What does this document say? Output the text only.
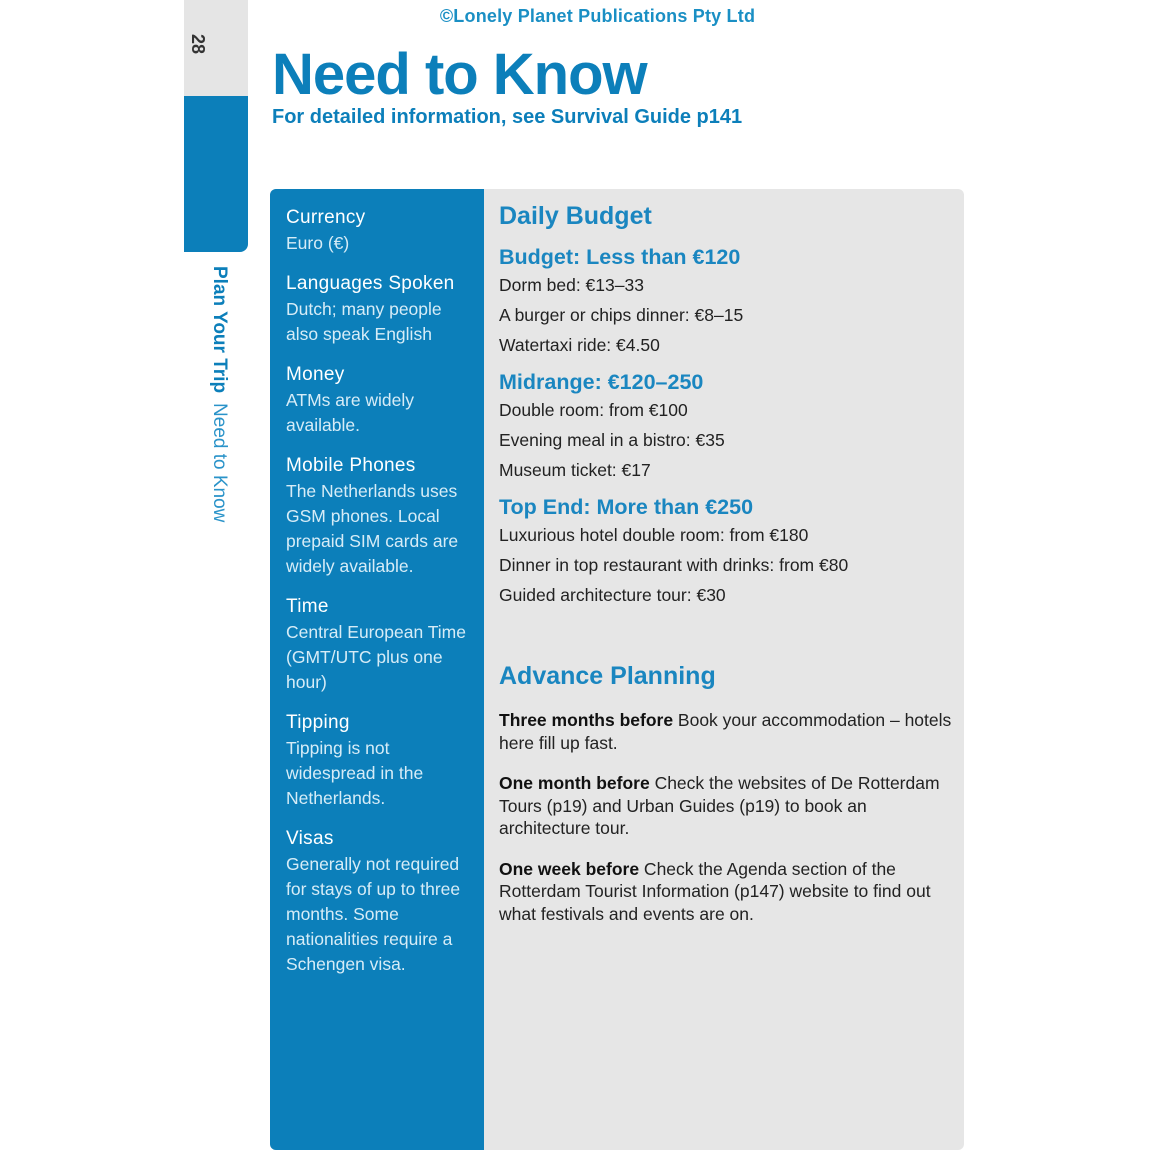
©Lonely Planet Publications Pty Ltd
28
Plan Your TripNeed to Know
Need to Know

For detailed information, see Survival Guide p141

Currency
Euro (€)
Languages Spoken
Dutch; many people also speak English
Money
ATMs are widely available.
Mobile Phones
The Netherlands uses GSM phones. Local prepaid SIM cards are widely available.
Time
Central European Time (GMT/UTC plus one hour)
Tipping
Tipping is not widespread in the Netherlands.
Visas
Generally not required for stays of up to three months. Some nationalities require a Schengen visa.
Daily Budget
Budget: Less than €120
Dorm bed: €13–33
A burger or chips dinner: €8–15
Watertaxi ride: €4.50
Midrange: €120–250
Double room: from €100
Evening meal in a bistro: €35
Museum ticket: €17
Top End: More than €250
Luxurious hotel double room: from €180
Dinner in top restaurant with drinks: from €80
Guided architecture tour: €30
Advance Planning
Three months before Book your accommodation – hotels here fill up fast.
One month before Check the websites of De Rotterdam Tours (p19) and Urban Guides (p19) to book an architecture tour.
One week before Check the Agenda section of the Rotterdam Tourist Information (p147) website to find out what festivals and events are on.
